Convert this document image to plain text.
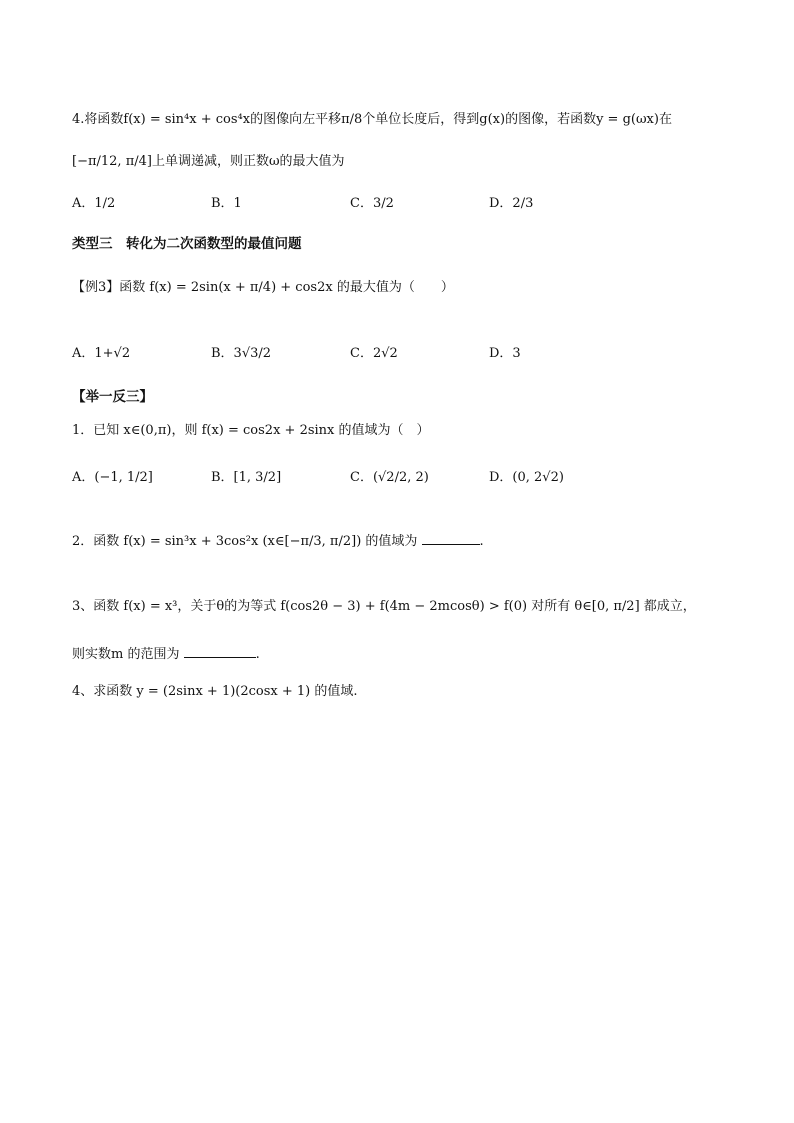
4.将函数f(x) = sin⁴x + cos⁴x的图像向左平移π/8个单位长度后，得到g(x)的图像，若函数y = g(ωx)在
[−π/12, π/4]上单调递减，则正数ω的最大值为
A．1/2	B．1	C．3/2	D．2/3
类型三　转化为二次函数型的最值问题
【例3】函数 f(x) = 2sin(x + π/4) + cos2x 的最大值为（　　）
A．1+√2	B．3√3/2	C．2√2	D．3
【举一反三】
1．已知 x∈(0,π)，则 f(x) = cos2x + 2sinx 的值域为（　）
A．(−1, 1/2]	B．[1, 3/2]	C．(√2/2, 2)	D．(0, 2√2)
2．函数 f(x) = sin³x + 3cos²x (x∈[−π/3, π/2]) 的值域为	.
3、函数 f(x) = x³，关于θ的为等式 f(cos2θ − 3) + f(4m − 2mcosθ) > f(0) 对所有 θ∈[0, π/2] 都成立，
则实数m 的范围为	.
4、求函数 y = (2sinx + 1)(2cosx + 1) 的值域.
